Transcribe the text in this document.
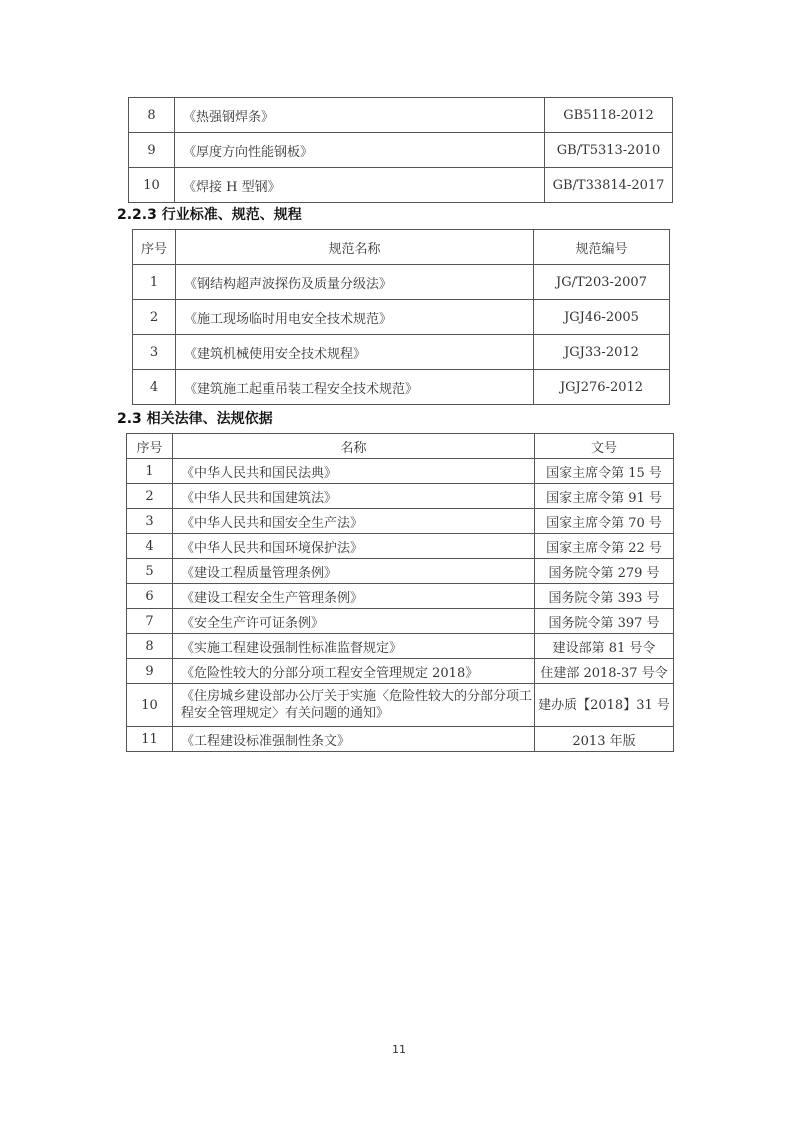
8	《热强钢焊条》	GB5118-2012
9	《厚度方向性能钢板》	GB/T5313-2010
10	《焊接 H 型钢》	GB/T33814-2017
2.2.3 行业标准、规范、规程
序号	规范名称	规范编号
1	《钢结构超声波探伤及质量分级法》	JG/T203-2007
2	《施工现场临时用电安全技术规范》	JGJ46-2005
3	《建筑机械使用安全技术规程》	JGJ33-2012
4	《建筑施工起重吊装工程安全技术规范》	JGJ276-2012
2.3 相关法律、法规依据
序号	名称	文号
1	《中华人民共和国民法典》	国家主席令第 15 号
2	《中华人民共和国建筑法》	国家主席令第 91 号
3	《中华人民共和国安全生产法》	国家主席令第 70 号
4	《中华人民共和国环境保护法》	国家主席令第 22 号
5	《建设工程质量管理条例》	国务院令第 279 号
6	《建设工程安全生产管理条例》	国务院令第 393 号
7	《安全生产许可证条例》	国务院令第 397 号
8	《实施工程建设强制性标准监督规定》	建设部第 81 号令
9	《危险性较大的分部分项工程安全管理规定 2018》	住建部 2018-37 号令
10	《住房城乡建设部办公厅关于实施〈危险性较大的分部分项工程安全管理规定〉有关问题的通知》	建办质【2018】31 号
11	《工程建设标准强制性条文》	2013 年版
11
